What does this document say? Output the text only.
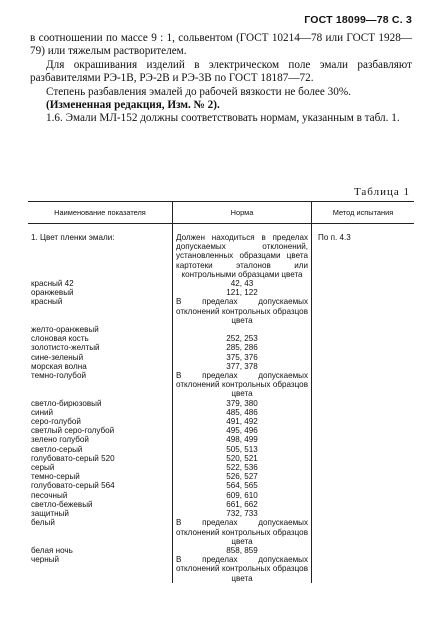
ГОСТ 18099—78 С. 3

в соотношении по массе 9 : 1, сольвентом (ГОСТ 10214—78 или ГОСТ 1928—79) или тяжелым растворителем.

Для окрашивания изделий в электрическом поле эмали разбавляют разбавителями РЭ-1В, РЭ-2В и РЭ-3В по ГОСТ 18187—72.

Степень разбавления эмалей до рабочей вязкости не более 30%.

(Измененная редакция, Изм. № 2).

1.6. Эмали МЛ-152 должны соответствовать нормам, указанным в табл. 1.

Таблица 1
Наименование показателя	Норма	Метод испытания
1. Цвет пленки эмали:	Должен находиться в пределах допускаемых отклонений, установленных образцами цвета картотеки эталонов или контрольными образцами цвета	По п. 4.3
красный 42	42, 43	
оранжевый	121, 122	
красный	В пределах допускаемых отклонений контрольных образцов цвета	
желто-оранжевый		
слоновая кость	252, 253	
золотисто-желтый	285, 286	
сине-зеленый	375, 376	
морская волна	377, 378	
темно-голубой	В пределах допускаемых отклонений контрольных образцов цвета	
светло-бирюзовый	379, 380	
синий	485, 486	
серо-голубой	491, 492	
светлый серо-голубой	495, 496	
зелено голубой	498, 499	
светло-серый	505, 513	
голубовато-серый 520	520, 521	
серый	522, 536	
темно-серый	526, 527	
голубовато-серый 564	564, 565	
песочный	609, 610	
светло-бежевый	661, 662	
защитный	732, 733	
белый	В пределах допускаемых отклонений контрольных образцов цвета	
белая ночь	858, 859	
черный	В пределах допускаемых отклонений контрольных образцов цвета	
